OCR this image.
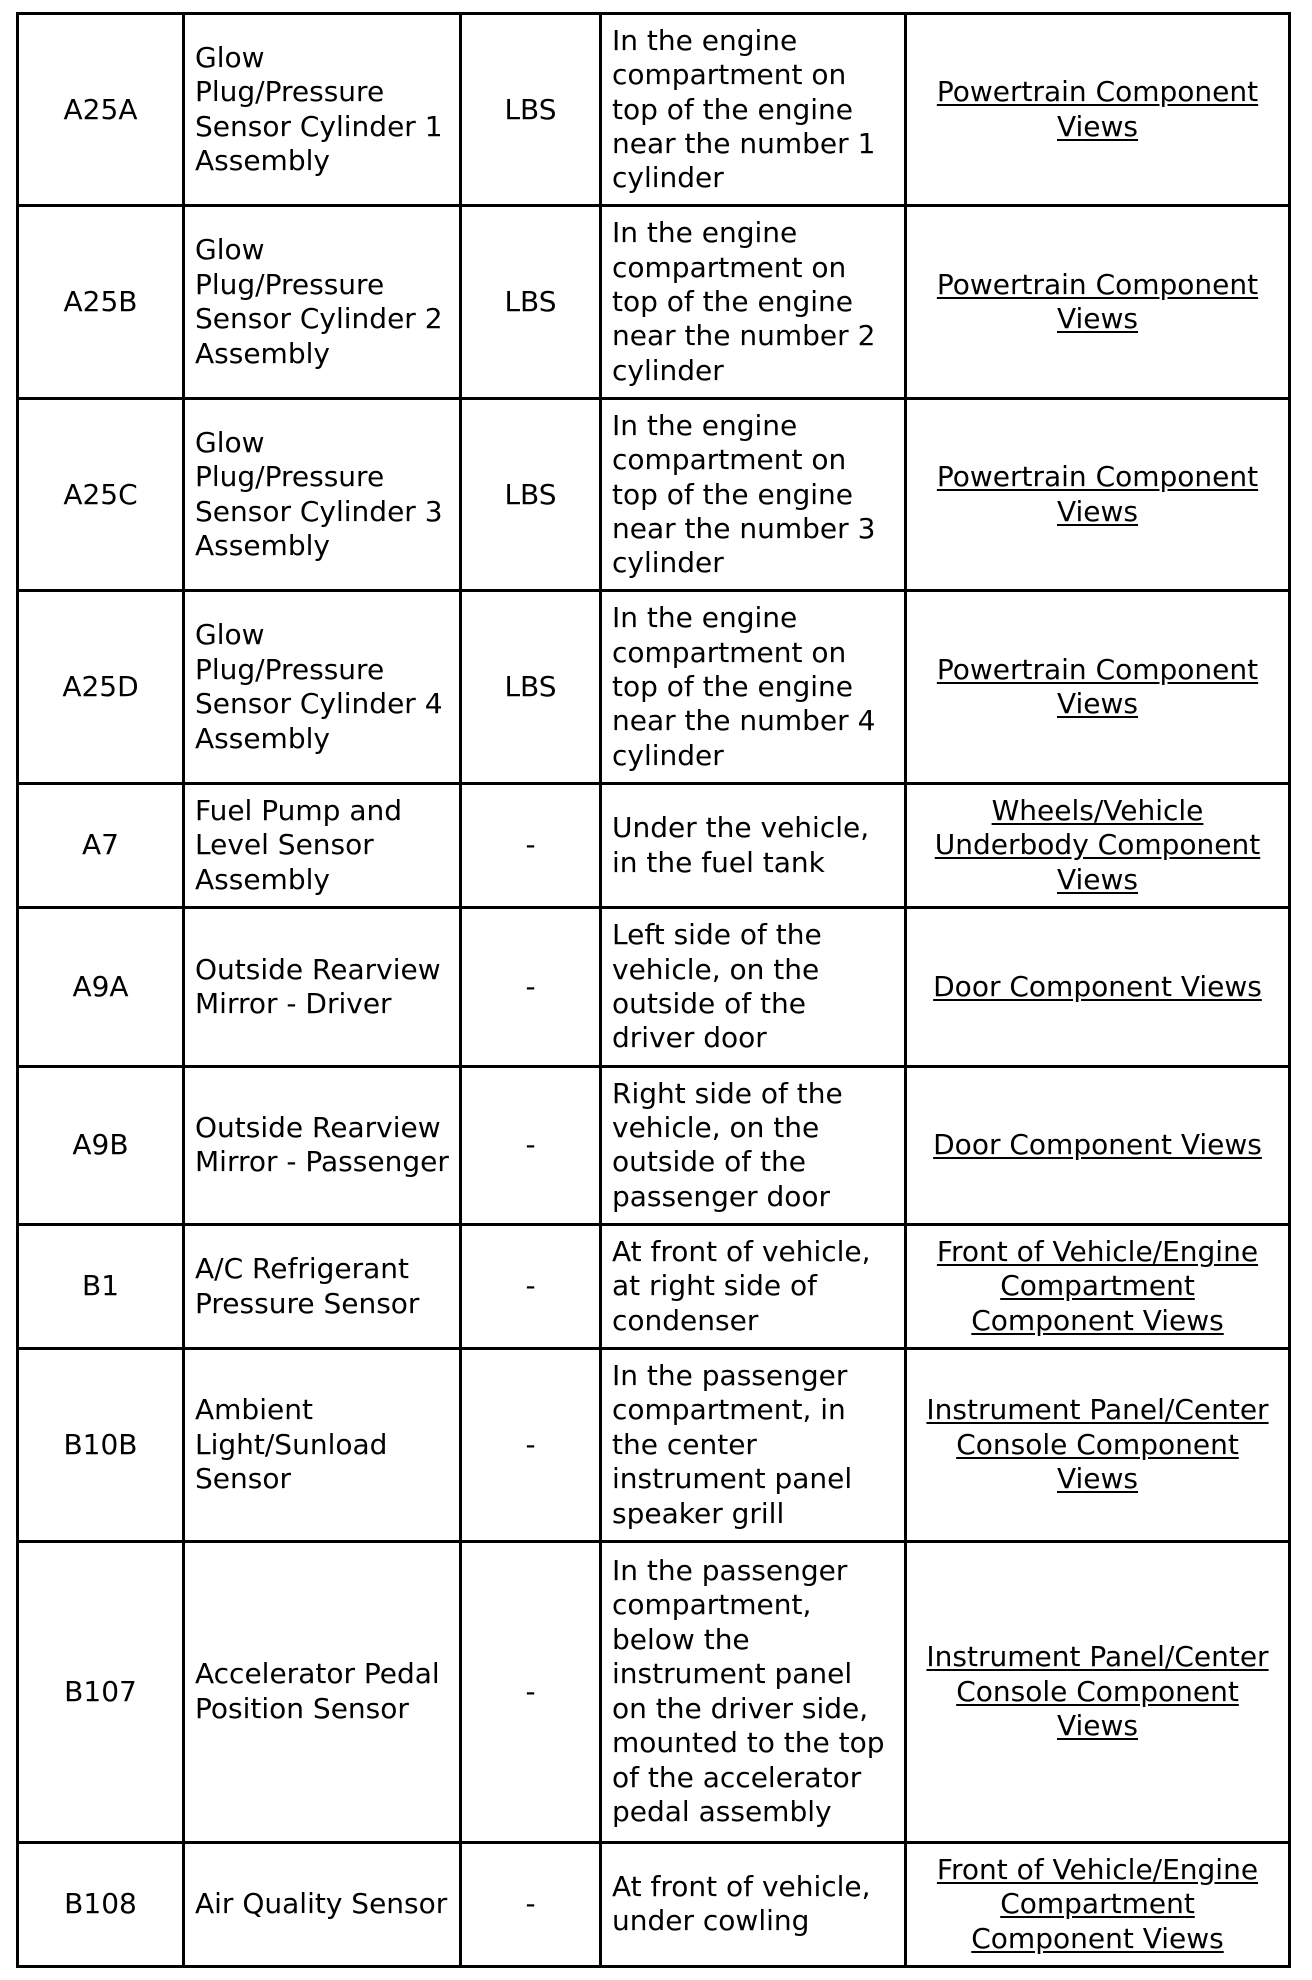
A25A	Glow Plug/Pressure Sensor Cylinder 1 Assembly	LBS	In the engine compartment on top of the engine near the number 1 cylinder	Powertrain Component Views
A25B	Glow Plug/Pressure Sensor Cylinder 2 Assembly	LBS	In the engine compartment on top of the engine near the number 2 cylinder	Powertrain Component Views
A25C	Glow Plug/Pressure Sensor Cylinder 3 Assembly	LBS	In the engine compartment on top of the engine near the number 3 cylinder	Powertrain Component Views
A25D	Glow Plug/Pressure Sensor Cylinder 4 Assembly	LBS	In the engine compartment on top of the engine near the number 4 cylinder	Powertrain Component Views
A7	Fuel Pump and Level Sensor Assembly	-	Under the vehicle, in the fuel tank	Wheels/Vehicle Underbody Component Views
A9A	Outside Rearview Mirror - Driver	-	Left side of the vehicle, on the outside of the driver door	Door Component Views
A9B	Outside Rearview Mirror - Passenger	-	Right side of the vehicle, on the outside of the passenger door	Door Component Views
B1	A/C Refrigerant Pressure Sensor	-	At front of vehicle, at right side of condenser	Front of Vehicle/Engine Compartment Component Views
B10B	Ambient Light/Sunload Sensor	-	In the passenger compartment, in the center instrument panel speaker grill	Instrument Panel/Center Console Component Views
B107	Accelerator Pedal Position Sensor	-	In the passenger compartment, below the instrument panel on the driver side, mounted to the top of the accelerator pedal assembly	Instrument Panel/Center Console Component Views
B108	Air Quality Sensor	-	At front of vehicle, under cowling	Front of Vehicle/Engine Compartment Component Views
